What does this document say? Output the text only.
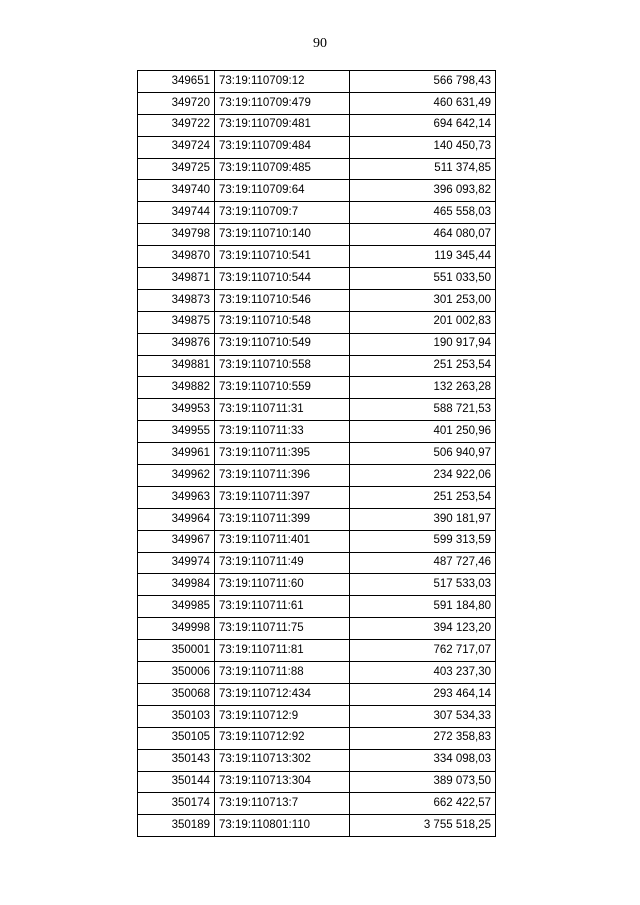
90
349651	73:19:110709:12	566 798,43
349720	73:19:110709:479	460 631,49
349722	73:19:110709:481	694 642,14
349724	73:19:110709:484	140 450,73
349725	73:19:110709:485	511 374,85
349740	73:19:110709:64	396 093,82
349744	73:19:110709:7	465 558,03
349798	73:19:110710:140	464 080,07
349870	73:19:110710:541	119 345,44
349871	73:19:110710:544	551 033,50
349873	73:19:110710:546	301 253,00
349875	73:19:110710:548	201 002,83
349876	73:19:110710:549	190 917,94
349881	73:19:110710:558	251 253,54
349882	73:19:110710:559	132 263,28
349953	73:19:110711:31	588 721,53
349955	73:19:110711:33	401 250,96
349961	73:19:110711:395	506 940,97
349962	73:19:110711:396	234 922,06
349963	73:19:110711:397	251 253,54
349964	73:19:110711:399	390 181,97
349967	73:19:110711:401	599 313,59
349974	73:19:110711:49	487 727,46
349984	73:19:110711:60	517 533,03
349985	73:19:110711:61	591 184,80
349998	73:19:110711:75	394 123,20
350001	73:19:110711:81	762 717,07
350006	73:19:110711:88	403 237,30
350068	73:19:110712:434	293 464,14
350103	73:19:110712:9	307 534,33
350105	73:19:110712:92	272 358,83
350143	73:19:110713:302	334 098,03
350144	73:19:110713:304	389 073,50
350174	73:19:110713:7	662 422,57
350189	73:19:110801:110	3 755 518,25
